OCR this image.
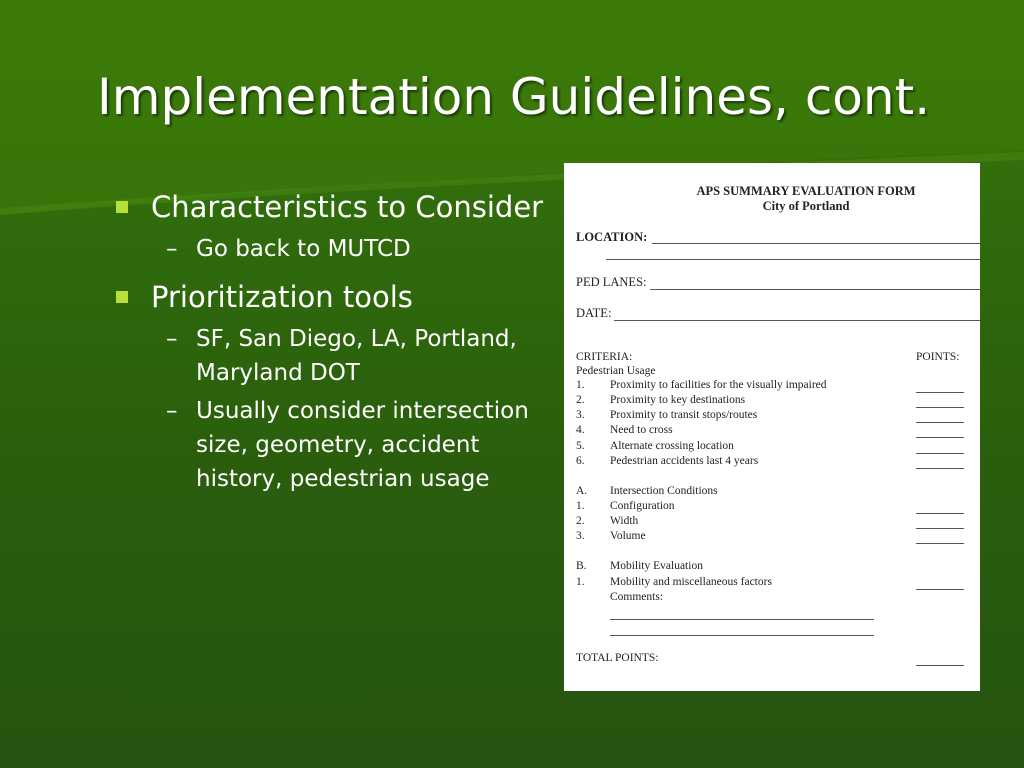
Implementation Guidelines, cont.
Characteristics to Consider
– Go back to MUTCD
Prioritization tools
– SF, San Diego, LA, Portland, Maryland DOT
– Usually consider intersection size, geometry, accident history, pedestrian usage
APS SUMMARY EVALUATION FORM
City of Portland
LOCATION:
PED LANES:
DATE:
CRITERIA:	POINTS:
Pedestrian Usage
1. Proximity to facilities for the visually impaired
2. Proximity to key destinations
3. Proximity to transit stops/routes
4. Need to cross
5. Alternate crossing location
6. Pedestrian accidents last 4 years
A. Intersection Conditions
1. Configuration
2. Width
3. Volume
B. Mobility Evaluation
1. Mobility and miscellaneous factors
Comments:
TOTAL POINTS:
